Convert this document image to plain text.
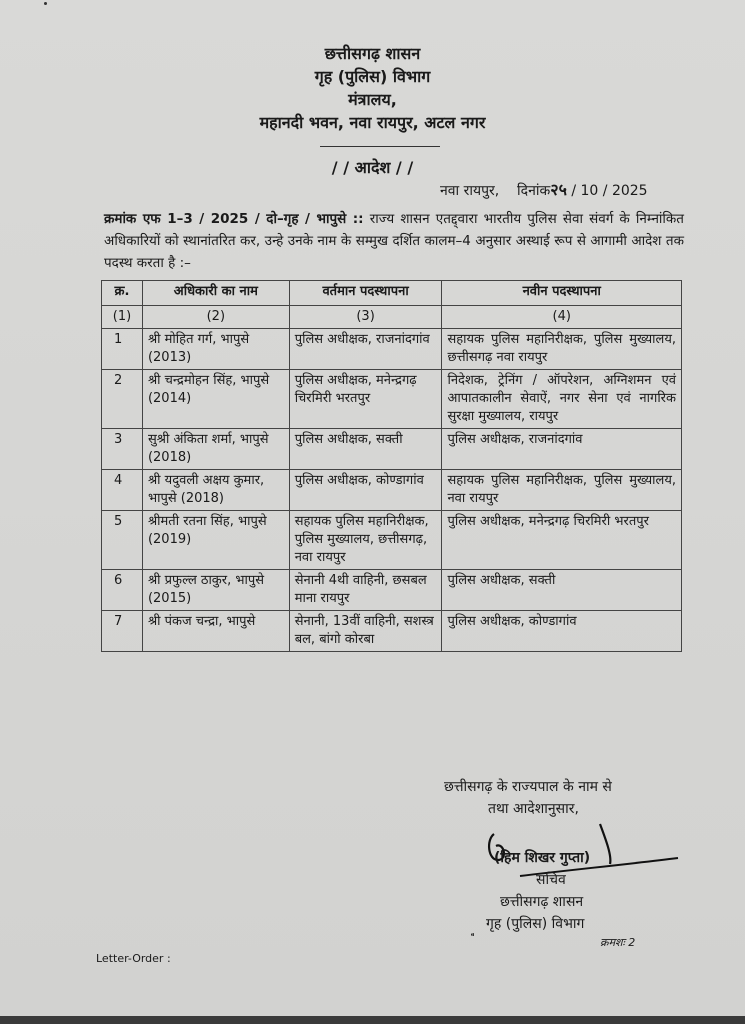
छत्तीसगढ़ शासन
गृह (पुलिस) विभाग
मंत्रालय,
महानदी भवन, नवा रायपुर, अटल नगर
/ / आदेश / /
नवा रायपुर, दिनांक२५ / 10 / 2025
क्रमांक एफ 1–3 / 2025 / दो–गृह / भापुसे :: राज्य शासन एतद्द्वारा भारतीय पुलिस सेवा संवर्ग के निम्नांकित अधिकारियों को स्थानांतरित कर, उन्हे उनके नाम के सम्मुख दर्शित कालम–4 अनुसार अस्थाई रूप से आगामी आदेश तक पदस्थ करता है :–
क्र.	अधिकारी का नाम	वर्तमान पदस्थापना	नवीन पदस्थापना
(1)	(2)	(3)	(4)
1	श्री मोहित गर्ग, भापुसे (2013)	पुलिस अधीक्षक, राजनांदगांव	सहायक पुलिस महानिरीक्षक, पुलिस मुख्यालय, छत्तीसगढ़ नवा रायपुर
2	श्री चन्द्रमोहन सिंह, भापुसे (2014)	पुलिस अधीक्षक, मनेन्द्रगढ़ चिरमिरी भरतपुर	निदेशक, ट्रेनिंग / ऑपरेशन, अग्निशमन एवं आपातकालीन सेवाऐं, नगर सेना एवं नागरिक सुरक्षा मुख्यालय, रायपुर
3	सुश्री अंकिता शर्मा, भापुसे (2018)	पुलिस अधीक्षक, सक्ती	पुलिस अधीक्षक, राजनांदगांव
4	श्री यदुवली अक्षय कुमार, भापुसे (2018)	पुलिस अधीक्षक, कोण्डागांव	सहायक पुलिस महानिरीक्षक, पुलिस मुख्यालय, नवा रायपुर
5	श्रीमती रतना सिंह, भापुसे (2019)	सहायक पुलिस महानिरीक्षक, पुलिस मुख्यालय, छत्तीसगढ़, नवा रायपुर	पुलिस अधीक्षक, मनेन्द्रगढ़ चिरमिरी भरतपुर
6	श्री प्रफुल्ल ठाकुर, भापुसे (2015)	सेनानी 4थी वाहिनी, छसबल माना रायपुर	पुलिस अधीक्षक, सक्ती
7	श्री पंकज चन्द्रा, भापुसे	सेनानी, 13वीं वाहिनी, सशस्त्र बल, बांगो कोरबा	पुलिस अधीक्षक, कोण्डागांव
छत्तीसगढ़ के राज्यपाल के नाम से
तथा आदेशानुसार,
(हिम शिखर गुप्ता)
सचिव
छत्तीसगढ़ शासन
गृह (पुलिस) विभाग
क्रमशः 2
⁌
Letter-Order :
